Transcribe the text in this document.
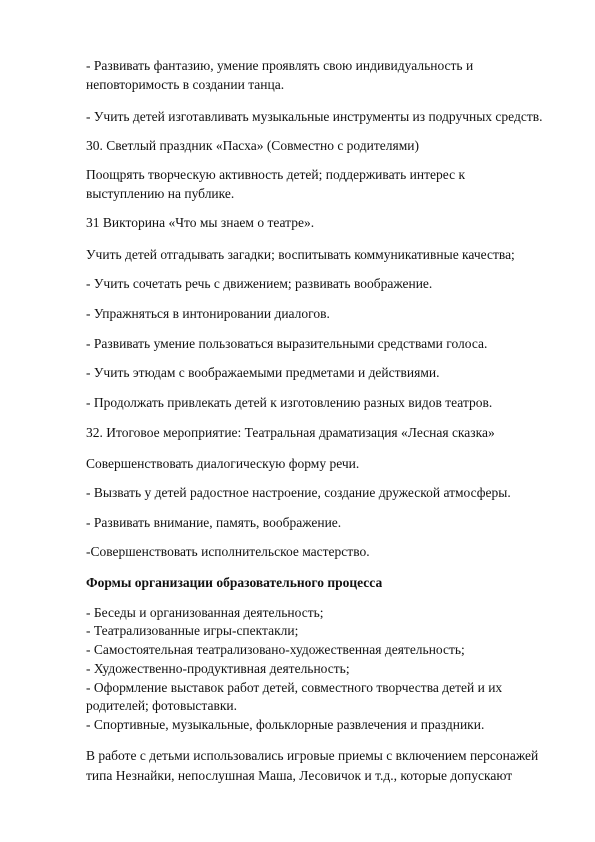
- Развивать фантазию, умение проявлять свою индивидуальность и
неповторимость в создании танца.
- Учить детей изготавливать музыкальные инструменты из подручных средств.
30. Светлый праздник «Пасха» (Совместно с родителями)
Поощрять творческую активность детей; поддерживать интерес к
выступлению на публике.
31 Викторина «Что мы знаем о театре».
Учить детей отгадывать загадки; воспитывать коммуникативные качества;
- Учить сочетать речь с движением; развивать воображение.
- Упражняться в интонировании диалогов.
- Развивать умение пользоваться выразительными средствами голоса.
- Учить этюдам с воображаемыми предметами и действиями.
- Продолжать привлекать детей к изготовлению разных видов театров.
32. Итоговое мероприятие: Театральная драматизация «Лесная сказка»
Совершенствовать диалогическую форму речи.
- Вызвать у детей радостное настроение, создание дружеской атмосферы.
- Развивать внимание, память, воображение.
-Совершенствовать исполнительское мастерство.
Формы организации образовательного процесса
- Беседы и организованная деятельность;
- Театрализованные игры-спектакли;
- Самостоятельная театрализовано-художественная деятельность;
- Художественно-продуктивная деятельность;
- Оформление выставок работ детей, совместного творчества детей и их
родителей; фотовыставки.
- Спортивные, музыкальные, фольклорные развлечения и праздники.
В работе с детьми использовались игровые приемы с включением персонажей
типа Незнайки, непослушная Маша, Лесовичок и т.д., которые допускают
